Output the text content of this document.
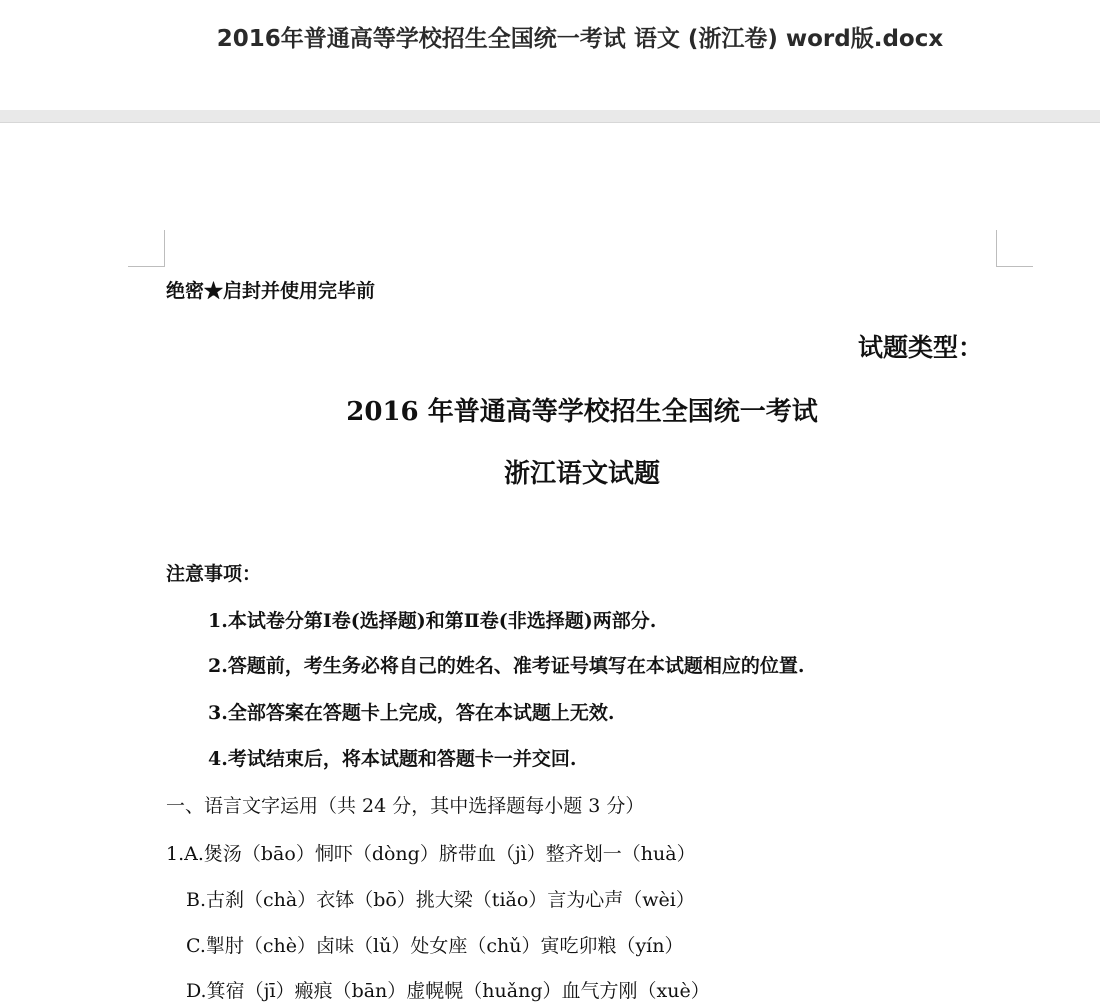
2016年普通高等学校招生全国统一考试 语文 (浙江卷) word版.docx
绝密★启封并使用完毕前
试题类型：
2016 年普通高等学校招生全国统一考试
浙江语文试题
注意事项：
1.本试卷分第Ⅰ卷(选择题)和第Ⅱ卷(非选择题)两部分.
2.答题前，考生务必将自己的姓名、准考证号填写在本试题相应的位置.
3.全部答案在答题卡上完成，答在本试题上无效.
4.考试结束后，将本试题和答题卡一并交回.
一、语言文字运用（共 24 分，其中选择题每小题 3 分）
1.A.煲汤（bāo）恫吓（dòng）脐带血（jì）整齐划一（huà）
B.古刹（chà）衣钵（bō）挑大梁（tiǎo）言为心声（wèi）
C.掣肘（chè）卤味（lǔ）处女座（chǔ）寅吃卯粮（yín）
D.箕宿（jī）瘢痕（bān）虚幌幌（huǎng）血气方刚（xuè）
